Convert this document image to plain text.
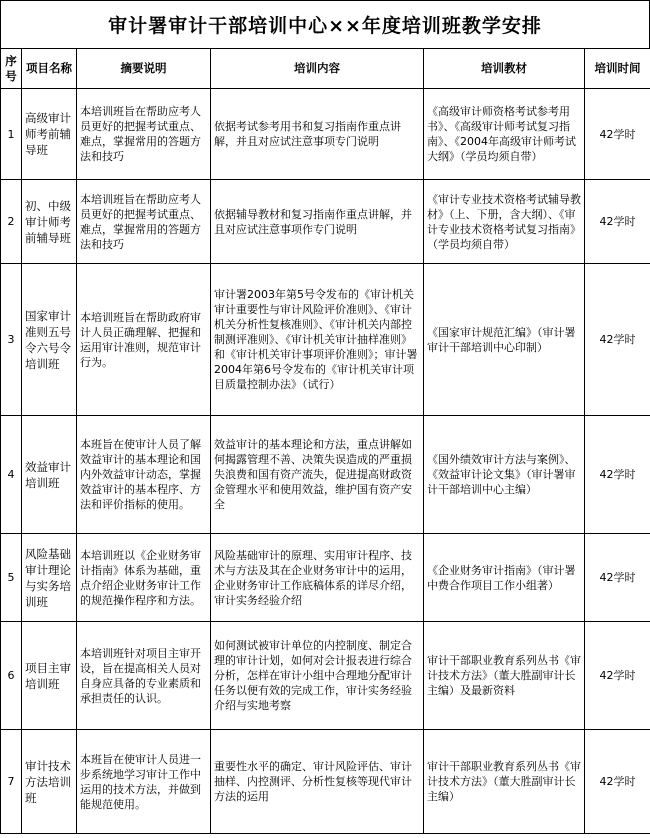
审计署审计干部培训中心××年度培训班教学安排
序号	项目名称	摘要说明	培训内容	培训教材	培训时间
1	高级审计师考前辅导班	本培训班旨在帮助应考人员更好的把握考试重点、难点，掌握常用的答题方法和技巧	依据考试参考用书和复习指南作重点讲解，并且对应试注意事项专门说明	《高级审计师资格考试参考用书》、《高级审计师考试复习指南》、《2004年高级审计师考试大纲》（学员均须自带）	42学时
2	初、中级审计师考前辅导班	本培训班旨在帮助应考人员更好的把握考试重点、难点，掌握常用的答题方法和技巧	依据辅导教材和复习指南作重点讲解，并且对应试注意事项作专门说明	《审计专业技术资格考试辅导教材》（上、下册，含大纲）、《审计专业技术资格考试复习指南》（学员均须自带）	42学时
3	国家审计准则五号令六号令培训班	本培训班旨在帮助政府审计人员正确理解、把握和运用审计准则，规范审计行为。	审计署2003年第5号令发布的《审计机关审计重要性与审计风险评价准则》、《审计机关分析性复核准则》、《审计机关内部控制测评准则》、《审计机关审计抽样准则》和《审计机关审计事项评价准则》；审计署2004年第6号令发布的《审计机关审计项目质量控制办法》（试行）	《国家审计规范汇编》（审计署审计干部培训中心印制）	42学时
4	效益审计培训班	本班旨在使审计人员了解效益审计的基本理论和国内外效益审计动态，掌握效益审计的基本程序、方法和评价指标的使用。	效益审计的基本理论和方法，重点讲解如何揭露管理不善、决策失误造成的严重损失浪费和国有资产流失，促进提高财政资金管理水平和使用效益，维护国有资产安全	《国外绩效审计方法与案例》、《效益审计论文集》（审计署审计干部培训中心主编）	42学时
5	风险基础审计理论与实务培训班	本培训班以《企业财务审计指南》体系为基础，重点介绍企业财务审计工作的规范操作程序和方法。	风险基础审计的原理、实用审计程序、技术与方法及其在企业财务审计中的运用，企业财务审计工作底稿体系的详尽介绍，审计实务经验介绍	《企业财务审计指南》（审计署中费合作项目工作小组著）	42学时
6	项目主审培训班	本培训班针对项目主审开设，旨在提高相关人员对自身应具备的专业素质和承担责任的认识。	如何测试被审计单位的内控制度、制定合理的审计计划，如何对会计报表进行综合分析，怎样在审计小组中合理地分配审计任务以便有效的完成工作，审计实务经验介绍与实地考察	审计干部职业教育系列丛书《审计技术方法》（董大胜副审计长主编）及最新资料	42学时
7	审计技术方法培训班	本班旨在使审计人员进一步系统地学习审计工作中运用的技术方法，并做到能规范使用。	重要性水平的确定、审计风险评估、审计抽样、内控测评、分析性复核等现代审计方法的运用	审计干部职业教育系列丛书《审计技术方法》（董大胜副审计长主编）	42学时
